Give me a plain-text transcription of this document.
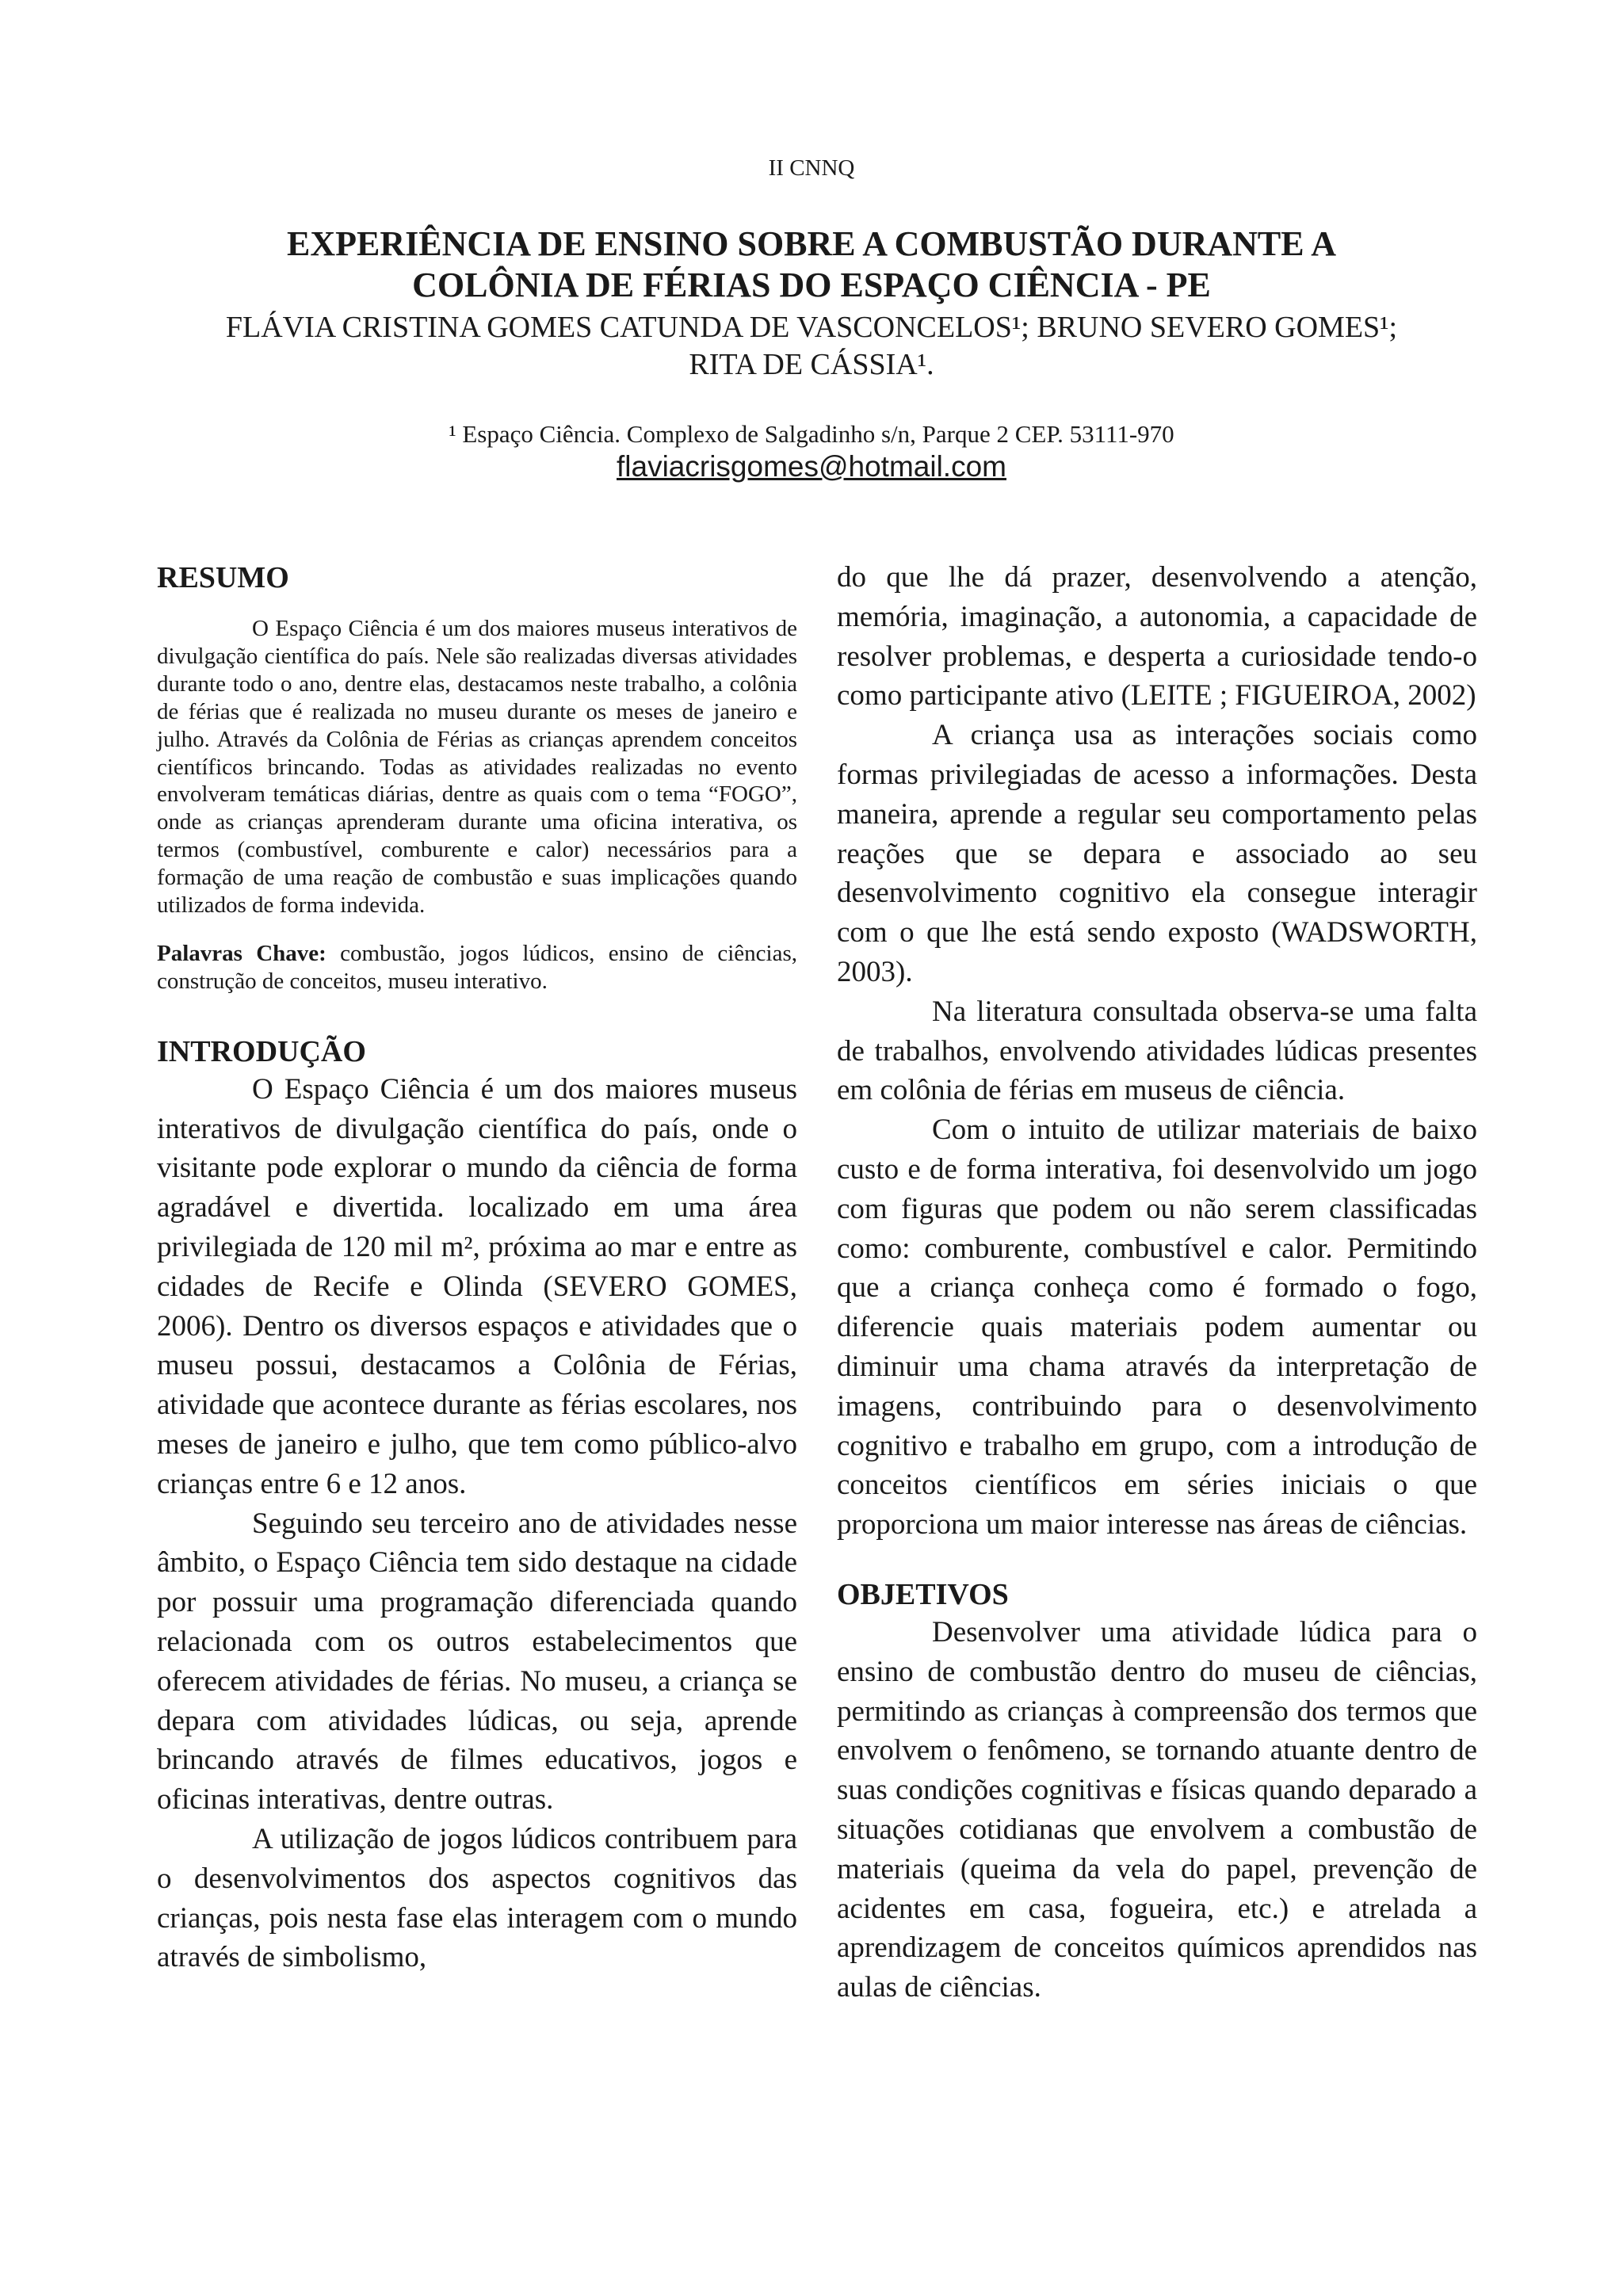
II CNNQ
EXPERIÊNCIA DE ENSINO SOBRE A COMBUSTÃO DURANTE A
COLÔNIA DE FÉRIAS DO ESPAÇO CIÊNCIA - PE
FLÁVIA CRISTINA GOMES CATUNDA DE VASCONCELOS¹; BRUNO SEVERO GOMES¹;
RITA DE CÁSSIA¹.
¹ Espaço Ciência. Complexo de Salgadinho s/n, Parque 2 CEP. 53111-970
flaviacrisgomes@hotmail.com
RESUMO

O Espaço Ciência é um dos maiores museus interativos de divulgação científica do país. Nele são realizadas diversas atividades durante todo o ano, dentre elas, destacamos neste trabalho, a colônia de férias que é realizada no museu durante os meses de janeiro e julho. Através da Colônia de Férias as crianças aprendem conceitos científicos brincando. Todas as atividades realizadas no evento envolveram temáticas diárias, dentre as quais com o tema “FOGO”, onde as crianças aprenderam durante uma oficina interativa, os termos (combustível, comburente e calor) necessários para a formação de uma reação de combustão e suas implicações quando utilizados de forma indevida.

Palavras Chave: combustão, jogos lúdicos, ensino de ciências, construção de conceitos, museu interativo.

INTRODUÇÃO

O Espaço Ciência é um dos maiores museus interativos de divulgação científica do país, onde o visitante pode explorar o mundo da ciência de forma agradável e divertida. localizado em uma área privilegiada de 120 mil m², próxima ao mar e entre as cidades de Recife e Olinda (SEVERO GOMES, 2006). Dentro os diversos espaços e atividades que o museu possui, destacamos a Colônia de Férias, atividade que acontece durante as férias escolares, nos meses de janeiro e julho, que tem como público-alvo crianças entre 6 e 12 anos.

Seguindo seu terceiro ano de atividades nesse âmbito, o Espaço Ciência tem sido destaque na cidade por possuir uma programação diferenciada quando relacionada com os outros estabelecimentos que oferecem atividades de férias. No museu, a criança se depara com atividades lúdicas, ou seja, aprende brincando através de filmes educativos, jogos e oficinas interativas, dentre outras.

A utilização de jogos lúdicos contribuem para o desenvolvimentos dos aspectos cognitivos das crianças, pois nesta fase elas interagem com o mundo através de simbolismo,

do que lhe dá prazer, desenvolvendo a atenção, memória, imaginação, a autonomia, a capacidade de resolver problemas, e desperta a curiosidade tendo-o como participante ativo (LEITE ; FIGUEIROA, 2002)

A criança usa as interações sociais como formas privilegiadas de acesso a informações. Desta maneira, aprende a regular seu comportamento pelas reações que se depara e associado ao seu desenvolvimento cognitivo ela consegue interagir com o que lhe está sendo exposto (WADSWORTH, 2003).

Na literatura consultada observa-se uma falta de trabalhos, envolvendo atividades lúdicas presentes em colônia de férias em museus de ciência.

Com o intuito de utilizar materiais de baixo custo e de forma interativa, foi desenvolvido um jogo com figuras que podem ou não serem classificadas como: comburente, combustível e calor. Permitindo que a criança conheça como é formado o fogo, diferencie quais materiais podem aumentar ou diminuir uma chama através da interpretação de imagens, contribuindo para o desenvolvimento cognitivo e trabalho em grupo, com a introdução de conceitos científicos em séries iniciais o que proporciona um maior interesse nas áreas de ciências.

OBJETIVOS

Desenvolver uma atividade lúdica para o ensino de combustão dentro do museu de ciências, permitindo as crianças à compreensão dos termos que envolvem o fenômeno, se tornando atuante dentro de suas condições cognitivas e físicas quando deparado a situações cotidianas que envolvem a combustão de materiais (queima da vela do papel, prevenção de acidentes em casa, fogueira, etc.) e atrelada a aprendizagem de conceitos químicos aprendidos nas aulas de ciências.
